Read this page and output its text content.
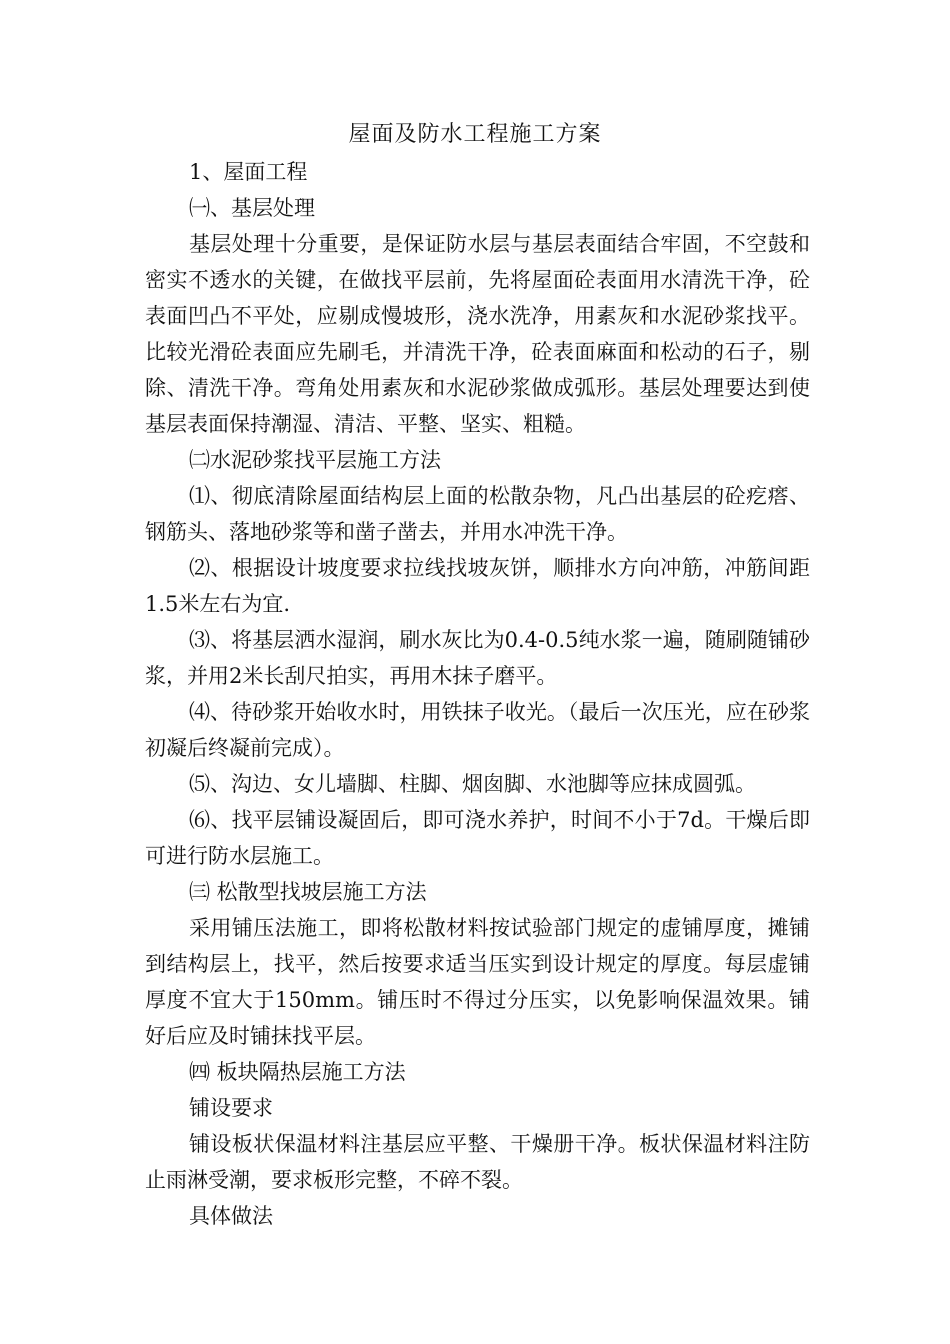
屋面及防水工程施工方案

1、屋面工程

㈠、基层处理

基层处理十分重要，是保证防水层与基层表面结合牢固，不空鼓和密实不透水的关键，在做找平层前，先将屋面砼表面用水清洗干净，砼表面凹凸不平处，应剔成慢坡形，浇水洗净，用素灰和水泥砂浆找平。比较光滑砼表面应先刷毛，并清洗干净，砼表面麻面和松动的石子，剔除、清洗干净。弯角处用素灰和水泥砂浆做成弧形。基层处理要达到使基层表面保持潮湿、清洁、平整、坚实、粗糙。

㈡水泥砂浆找平层施工方法

⑴、彻底清除屋面结构层上面的松散杂物，凡凸出基层的砼疙瘩、钢筋头、落地砂浆等和凿子凿去，并用水冲洗干净。

⑵、根据设计坡度要求拉线找坡灰饼，顺排水方向冲筋，冲筋间距1.5米左右为宜.

⑶、将基层洒水湿润，刷水灰比为0.4-0.5纯水浆一遍，随刷随铺砂浆，并用2米长刮尺拍实，再用木抹子磨平。

⑷、待砂浆开始收水时，用铁抹子收光。（最后一次压光，应在砂浆初凝后终凝前完成）。

⑸、沟边、女儿墙脚、柱脚、烟囱脚、水池脚等应抹成圆弧。

⑹、找平层铺设凝固后，即可浇水养护，时间不小于7d。干燥后即可进行防水层施工。

㈢ 松散型找坡层施工方法

采用铺压法施工，即将松散材料按试验部门规定的虚铺厚度，摊铺到结构层上，找平，然后按要求适当压实到设计规定的厚度。每层虚铺厚度不宜大于150mm。铺压时不得过分压实，以免影响保温效果。铺好后应及时铺抹找平层。

㈣ 板块隔热层施工方法

铺设要求

铺设板状保温材料注基层应平整、干燥册干净。板状保温材料注防止雨淋受潮，要求板形完整，不碎不裂。

具体做法
